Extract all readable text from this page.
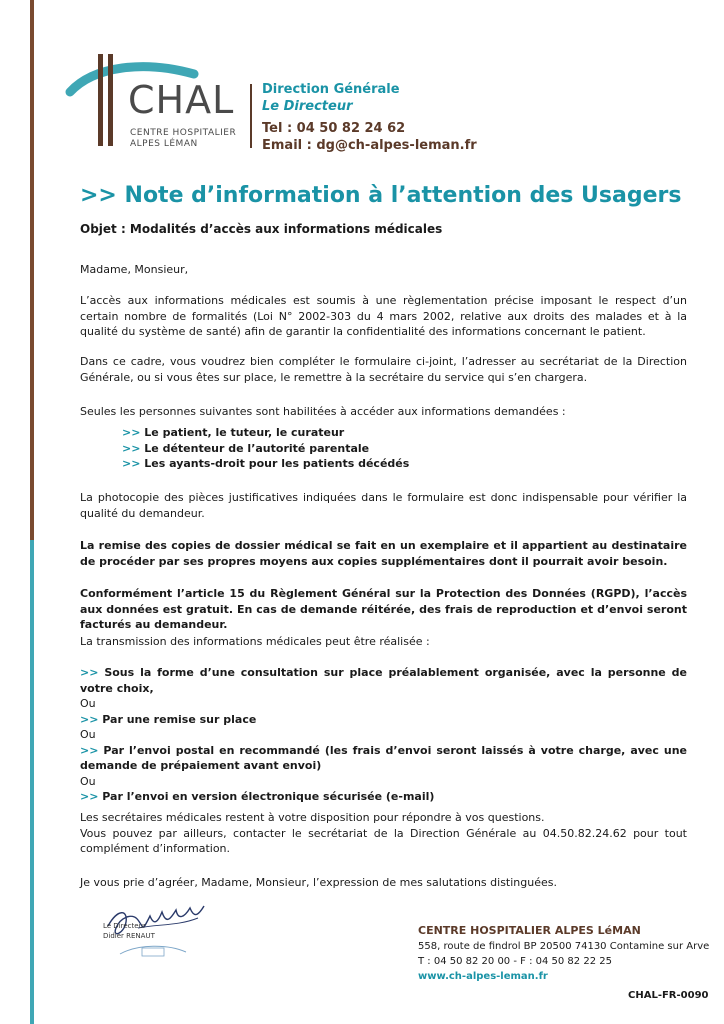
CHAL
CENTRE HOSPITALIER
ALPES LÉMAN
Direction Générale
Le Directeur
Tel : 04 50 82 24 62
Email : dg@ch-alpes-leman.fr
>> Note d’information à l’attention des Usagers
Objet : Modalités d’accès aux informations médicales
Madame, Monsieur,
L’accès aux informations médicales est soumis à une règlementation précise imposant le respect d’un certain nombre de formalités (Loi N° 2002-303 du 4 mars 2002, relative aux droits des malades et à la qualité du système de santé) afin de garantir la confidentialité des informations concernant le patient.
Dans ce cadre, vous voudrez bien compléter le formulaire ci-joint, l’adresser au secrétariat de la Direction Générale, ou si vous êtes sur place, le remettre à la secrétaire du service qui s’en chargera.
Seules les personnes suivantes sont habilitées à accéder aux informations demandées :
>> Le patient, le tuteur, le curateur
>> Le détenteur de l’autorité parentale
>> Les ayants-droit pour les patients décédés
La photocopie des pièces justificatives indiquées dans le formulaire est donc indispensable pour vérifier la qualité du demandeur.
La remise des copies de dossier médical se fait en un exemplaire et il appartient au destinataire de procéder par ses propres moyens aux copies supplémentaires dont il pourrait avoir besoin.
Conformément l’article 15 du Règlement Général sur la Protection des Données (RGPD), l’accès aux données est gratuit. En cas de demande réitérée, des frais de reproduction et d’envoi seront facturés au demandeur.
La transmission des informations médicales peut être réalisée :
>> Sous la forme d’une consultation sur place préalablement organisée, avec la personne de votre choix,
Ou
>> Par une remise sur place
Ou
>> Par l’envoi postal en recommandé (les frais d’envoi seront laissés à votre charge, avec une demande de prépaiement avant envoi)
Ou
>> Par l’envoi en version électronique sécurisée (e-mail)
Les secrétaires médicales restent à votre disposition pour répondre à vos questions.
Vous pouvez par ailleurs, contacter le secrétariat de la Direction Générale au 04.50.82.24.62 pour tout complément d’information.
Je vous prie d’agréer, Madame, Monsieur, l’expression de mes salutations distinguées.
Le Directeur
Didier RENAUT	CENTRE HOSPITALIER ALPES LéMAN
558, route de findrol BP 20500 74130 Contamine sur Arve
T : 04 50 82 20 00 - F : 04 50 82 22 25
www.ch-alpes-leman.fr
CHAL-FR-0090
